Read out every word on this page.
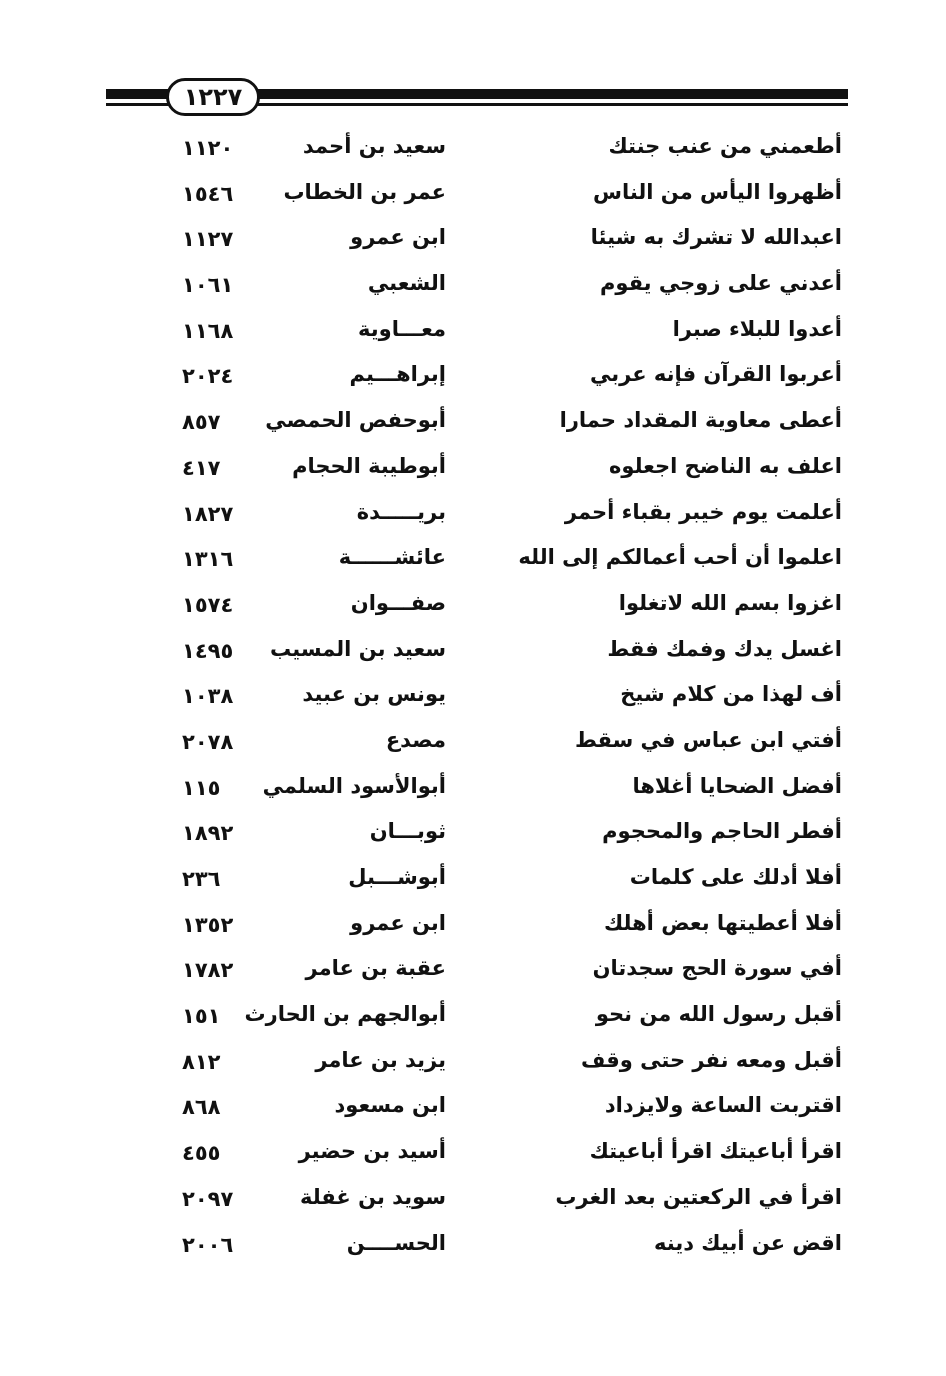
١٢٢٧
أطعمني من عنب جنتك
سعيد بن أحمد
١١٢٠
أظهروا اليأس من الناس
عمر بن الخطاب
١٥٤٦
اعبدالله لا تشرك به شيئا
ابن عمرو
١١٢٧
أعدني على زوجي يقوم
الشعبي
١٠٦١
أعدوا للبلاء صبرا
معـــاوية
١١٦٨
أعربوا القرآن فإنه عربي
إبراهـــيم
٢٠٢٤
أعطى معاوية المقداد حمارا
أبوحفص الحمصي
٨٥٧
اعلف به الناضح اجعلوه
أبوطيبة الحجام
٤١٧
أعلمت يوم خيبر بقباء أحمر
بريـــــدة
١٨٢٧
اعلموا أن أحب أعمالكم إلى الله
عائشــــــة
١٣١٦
اغزوا بسم الله لاتغلوا
صفـــوان
١٥٧٤
اغسل يدك وفمك فقط
سعيد بن المسيب
١٤٩٥
أف لهذا من كلام شيخ
يونس بن عبيد
١٠٣٨
أفتي ابن عباس في سقط
مصدع
٢٠٧٨
أفضل الضحايا أغلاها
أبوالأسود السلمي
١١٥
أفطر الحاجم والمحجوم
ثوبـــان
١٨٩٢
أفلا أدلك على كلمات
أبوشـــبل
٢٣٦
أفلا أعطيتها بعض أهلك
ابن عمرو
١٣٥٢
أفي سورة الحج سجدتان
عقبة بن عامر
١٧٨٢
أقبل رسول الله من نحو
أبوالجهم بن الحارث
١٥١
أقبل ومعه نفر حتى وقف
يزيد بن عامر
٨١٢
اقتربت الساعة ولايزداد
ابن مسعود
٨٦٨
اقرأ أباعيتك اقرأ أباعيتك
أسيد بن حضير
٤٥٥
اقرأ في الركعتين بعد الغرب
سويد بن غفلة
٢٠٩٧
اقض عن أبيك دينه
الحســــن
٢٠٠٦
